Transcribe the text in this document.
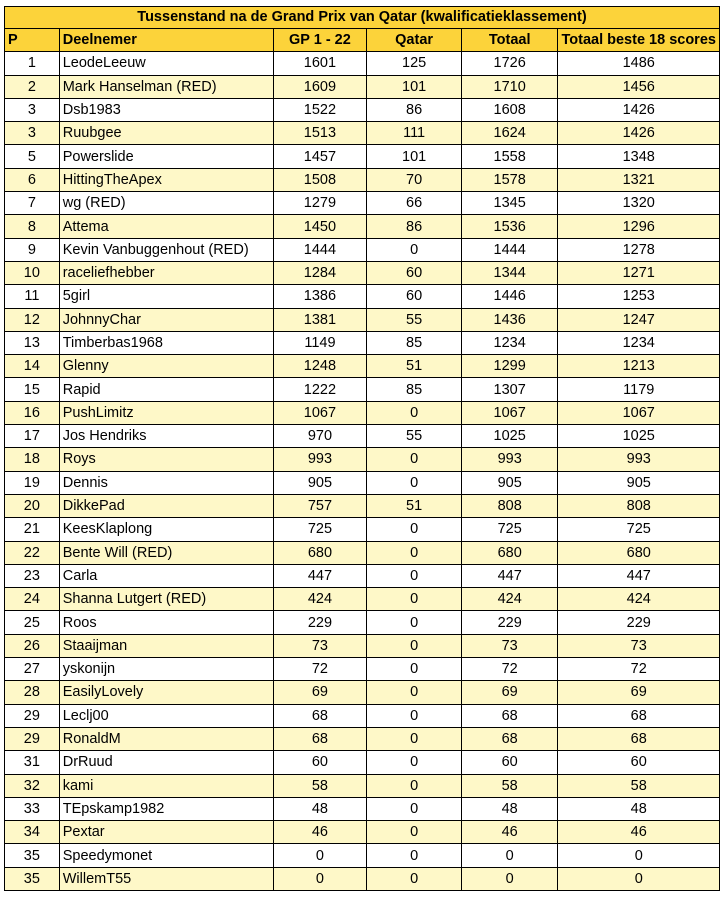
Tussenstand na de Grand Prix van Qatar (kwalificatieklassement)					
P	Deelnemer	GP 1 - 22	Qatar	Totaal	Totaal beste 18 scores
1	LeodeLeeuw	1601	125	1726	1486
2	Mark Hanselman (RED)	1609	101	1710	1456
3	Dsb1983	1522	86	1608	1426
3	Ruubgee	1513	111	1624	1426
5	Powerslide	1457	101	1558	1348
6	HittingTheApex	1508	70	1578	1321
7	wg (RED)	1279	66	1345	1320
8	Attema	1450	86	1536	1296
9	Kevin Vanbuggenhout (RED)	1444	0	1444	1278
10	raceliefhebber	1284	60	1344	1271
11	5girl	1386	60	1446	1253
12	JohnnyChar	1381	55	1436	1247
13	Timberbas1968	1149	85	1234	1234
14	Glenny	1248	51	1299	1213
15	Rapid	1222	85	1307	1179
16	PushLimitz	1067	0	1067	1067
17	Jos Hendriks	970	55	1025	1025
18	Roys	993	0	993	993
19	Dennis	905	0	905	905
20	DikkePad	757	51	808	808
21	KeesKlaplong	725	0	725	725
22	Bente Will (RED)	680	0	680	680
23	Carla	447	0	447	447
24	Shanna Lutgert (RED)	424	0	424	424
25	Roos	229	0	229	229
26	Staaijman	73	0	73	73
27	yskonijn	72	0	72	72
28	EasilyLovely	69	0	69	69
29	Leclj00	68	0	68	68
29	RonaldM	68	0	68	68
31	DrRuud	60	0	60	60
32	kami	58	0	58	58
33	TEpskamp1982	48	0	48	48
34	Pextar	46	0	46	46
35	Speedymonet	0	0	0	0
35	WillemT55	0	0	0	0
